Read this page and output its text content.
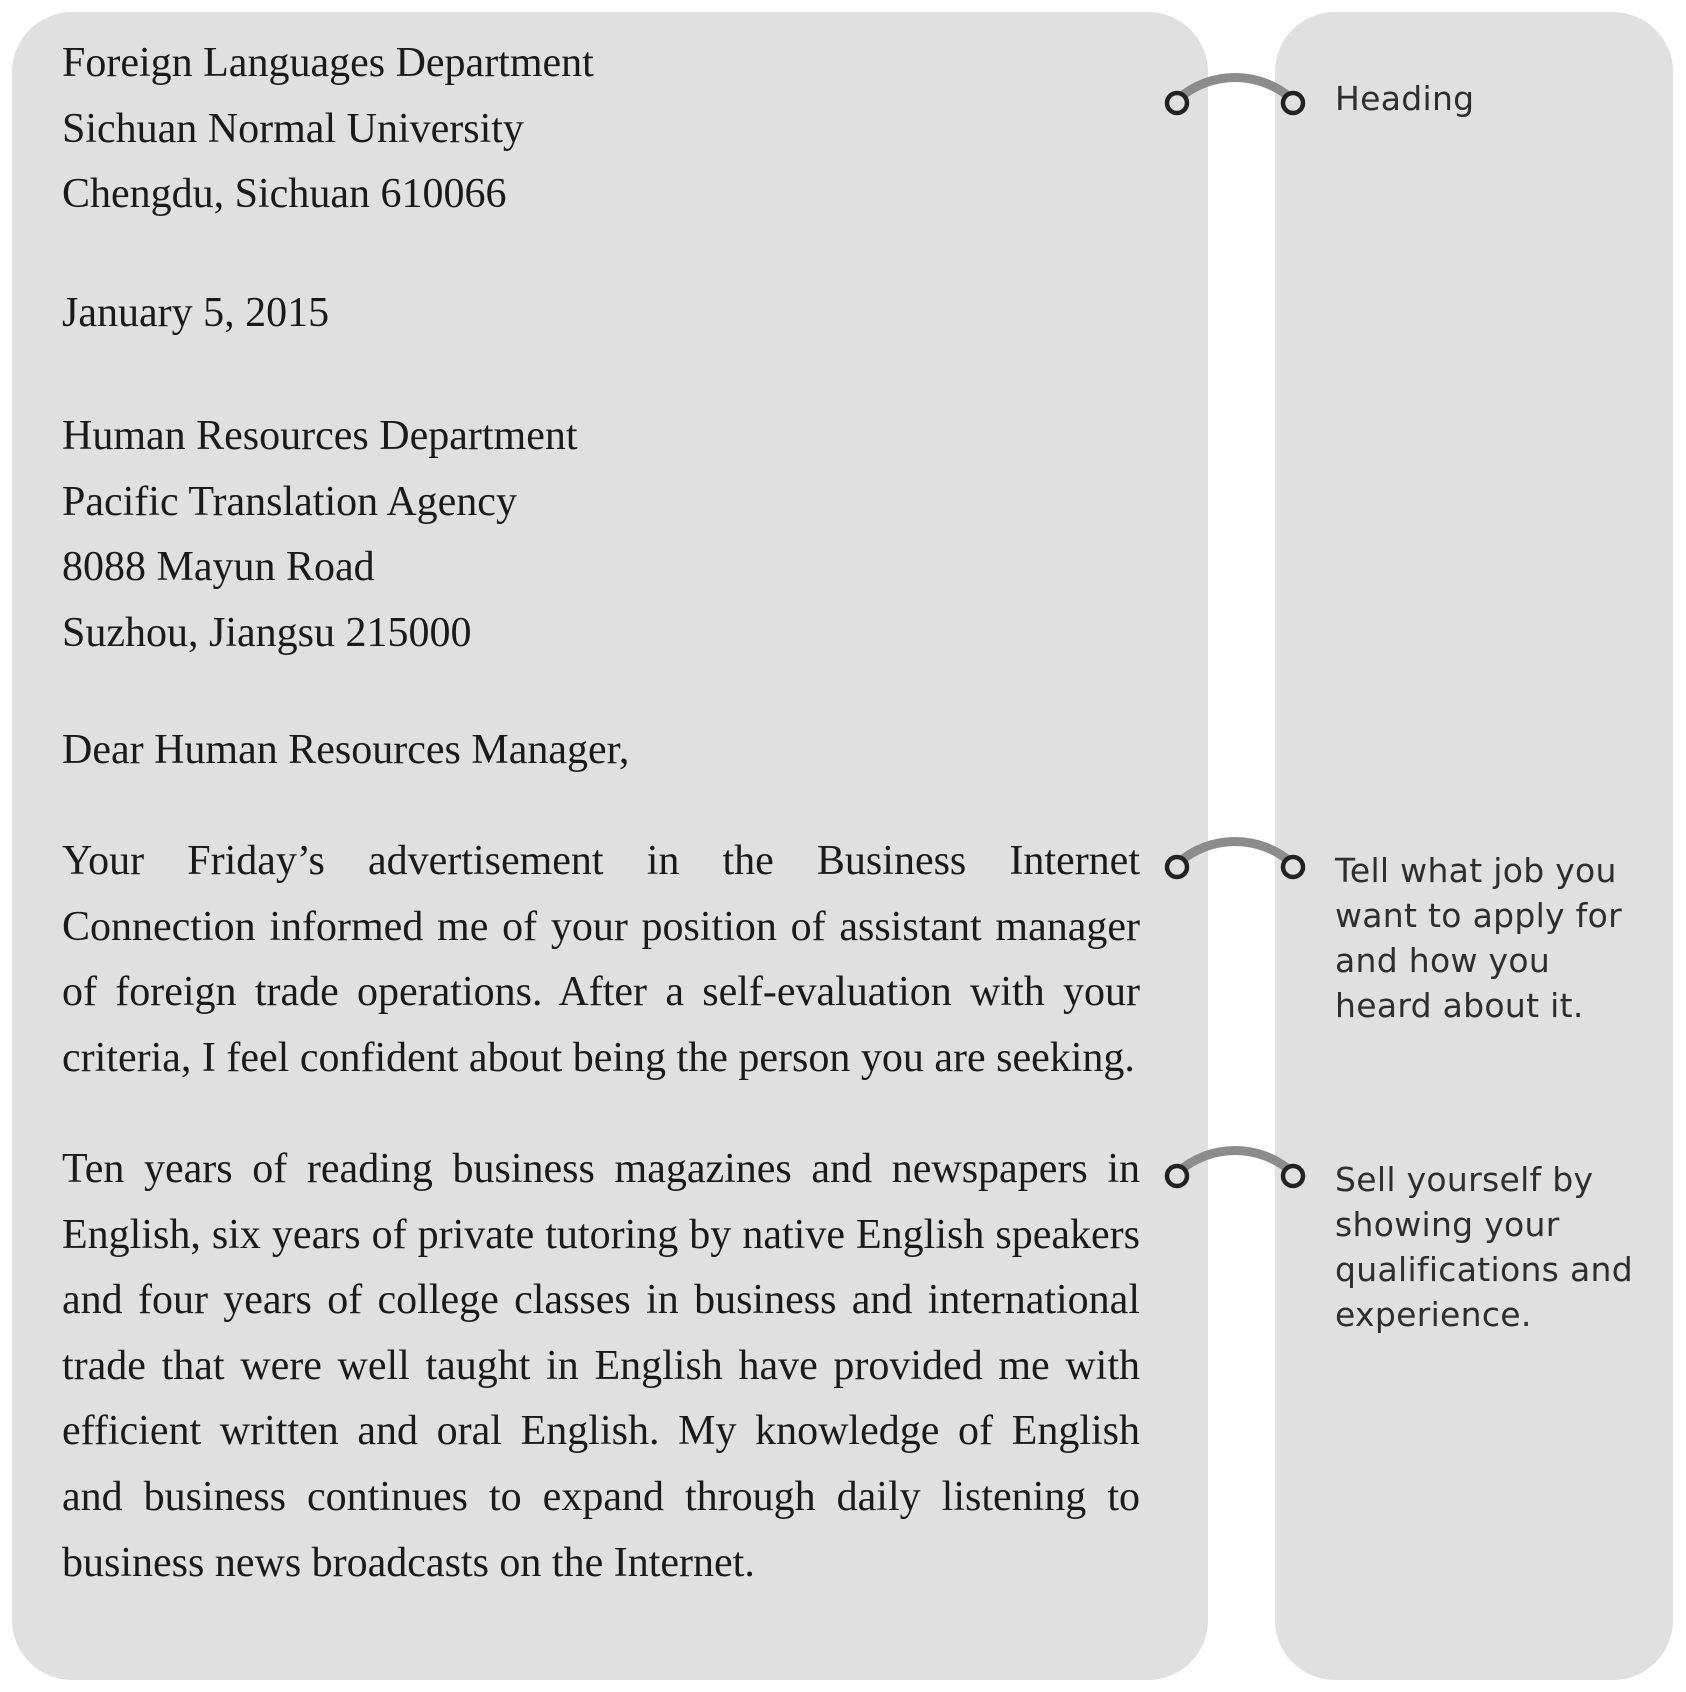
Foreign Languages Department
Sichuan Normal University
Chengdu, Sichuan 610066
January 5, 2015
Human Resources Department
Pacific Translation Agency
8088 Mayun Road
Suzhou, Jiangsu 215000
Dear Human Resources Manager,

Your Friday’s advertisement in the Business Internet Connection informed me of your position of assistant manager of foreign trade operations. After a self-evaluation with your criteria, I feel confident about being the person you are seeking.

Ten years of reading business magazines and newspapers in English, six years of private tutoring by native English speakers and four years of college classes in business and international trade that were well taught in English have provided me with efficient written and oral English. My knowledge of English and business continues to expand through daily listening to business news broadcasts on the Internet.

Heading

Tell what job you want to apply for and how you heard about it.

Sell yourself by showing your qualifications and experience.
